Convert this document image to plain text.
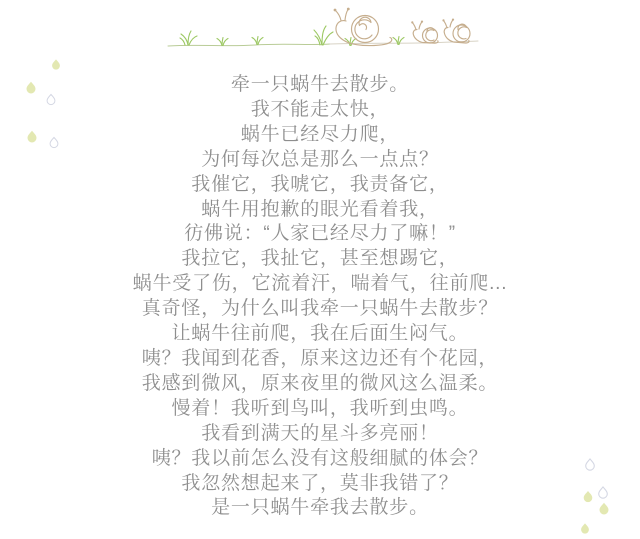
牵一只蜗牛去散步。
我不能走太快，
蜗牛已经尽力爬，
为何每次总是那么一点点？
我催它，我唬它，我责备它，
蜗牛用抱歉的眼光看着我，
彷佛说：“人家已经尽力了嘛！”
我拉它，我扯它，甚至想踢它，
蜗牛受了伤，它流着汗，喘着气，往前爬...
真奇怪，为什么叫我牵一只蜗牛去散步？
让蜗牛往前爬，我在后面生闷气。
咦？我闻到花香，原来这边还有个花园，
我感到微风，原来夜里的微风这么温柔。
慢着！我听到鸟叫，我听到虫鸣。
我看到满天的星斗多亮丽！
咦？我以前怎么没有这般细腻的体会？
我忽然想起来了，莫非我错了？
是一只蜗牛牵我去散步。
